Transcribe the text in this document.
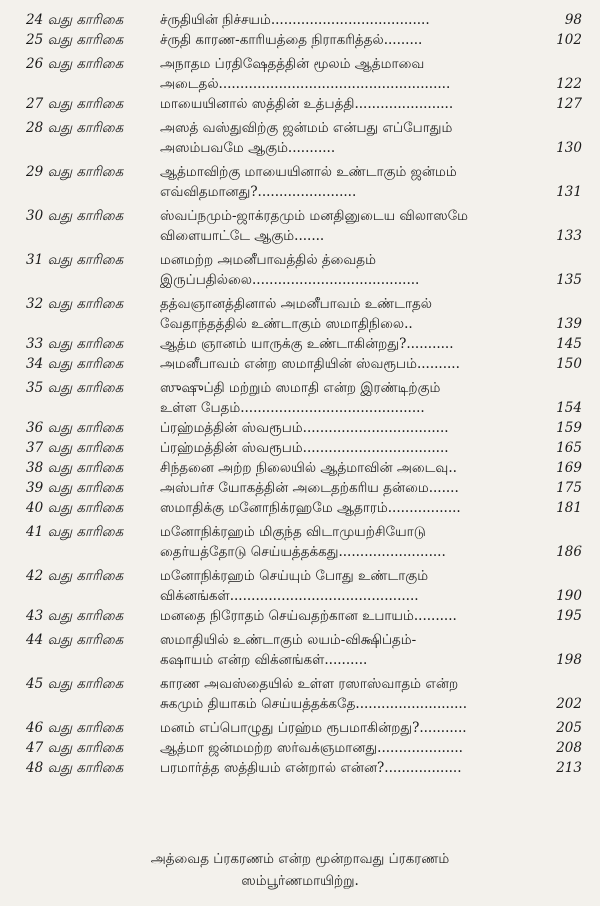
24 வது காரிகை	ச்ருதியின் நிச்சயம்.....................................	98
25 வது காரிகை	ச்ருதி காரண-காரியத்தை நிராகரித்தல்.........	102
26 வது காரிகை	அநாதம ப்ரதிஷேதத்தின் மூலம் ஆத்மாவை
அடைதல்......................................................	122
27 வது காரிகை	மாயையினால் ஸத்தின் உத்பத்தி.......................	127
28 வது காரிகை	அஸத் வஸ்துவிற்கு ஜன்மம் என்பது எப்போதும்
அஸம்பவமே ஆகும்...........	130
29 வது காரிகை	ஆத்மாவிற்கு மாயையினால் உண்டாகும் ஜன்மம்
எவ்விதமானது?.......................	131
30 வது காரிகை	ஸ்வப்நமும்-ஜாக்ரதமும் மனதினுடைய விலாஸமே
விளையாட்டே ஆகும்.......	133
31 வது காரிகை	மனமற்ற அமனீபாவத்தில் த்வைதம்
இருப்பதில்லை.......................................	135
32 வது காரிகை	தத்வஞானத்தினால் அமனீபாவம் உண்டாதல்
வேதாந்தத்தில் உண்டாகும் ஸமாதிநிலை..	139
33 வது காரிகை	ஆத்ம ஞானம் யாருக்கு உண்டாகின்றது?...........	145
34 வது காரிகை	அமனீபாவம் என்ற ஸமாதியின் ஸ்வரூபம்..........	150
35 வது காரிகை	ஸுஷுப்தி மற்றும் ஸமாதி என்ற இரண்டிற்கும்
உள்ள பேதம்...........................................	154
36 வது காரிகை	ப்ரஹ்மத்தின் ஸ்வரூபம்..................................	159
37 வது காரிகை	ப்ரஹ்மத்தின் ஸ்வரூபம்..................................	165
38 வது காரிகை	சிந்தனை அற்ற நிலையில் ஆத்மாவின் அடைவு..	169
39 வது காரிகை	அஸ்பர்ச யோகத்தின் அடைதற்கரிய தன்மை.......	175
40 வது காரிகை	ஸமாதிக்கு மனோநிக்ரஹமே ஆதாரம்.................	181
41 வது காரிகை	மனோநிக்ரஹம் மிகுந்த விடாமுயற்சியோடு
தைர்யத்தோடு செய்யத்தக்கது.........................	186
42 வது காரிகை	மனோநிக்ரஹம் செய்யும் போது உண்டாகும்
விக்னங்கள்............................................	190
43 வது காரிகை	மனதை நிரோதம் செய்வதற்கான உபாயம்..........	195
44 வது காரிகை	ஸமாதியில் உண்டாகும் லயம்-விக்ஷிப்தம்-
கஷாயம் என்ற விக்னங்கள்..........	198
45 வது காரிகை	காரண அவஸ்தையில் உள்ள ரஸாஸ்வாதம் என்ற
சுகமும் தியாகம் செய்யத்தக்கதே..........................	202
46 வது காரிகை	மனம் எப்பொழுது ப்ரஹ்ம ரூபமாகின்றது?...........	205
47 வது காரிகை	ஆத்மா ஜன்மமற்ற ஸர்வக்ஞமானது....................	208
48 வது காரிகை	பரமார்த்த ஸத்தியம் என்றால் என்ன?..................	213
அத்வைத ப்ரகரணம் என்ற மூன்றாவது ப்ரகரணம்
ஸம்பூர்ணமாயிற்று.
